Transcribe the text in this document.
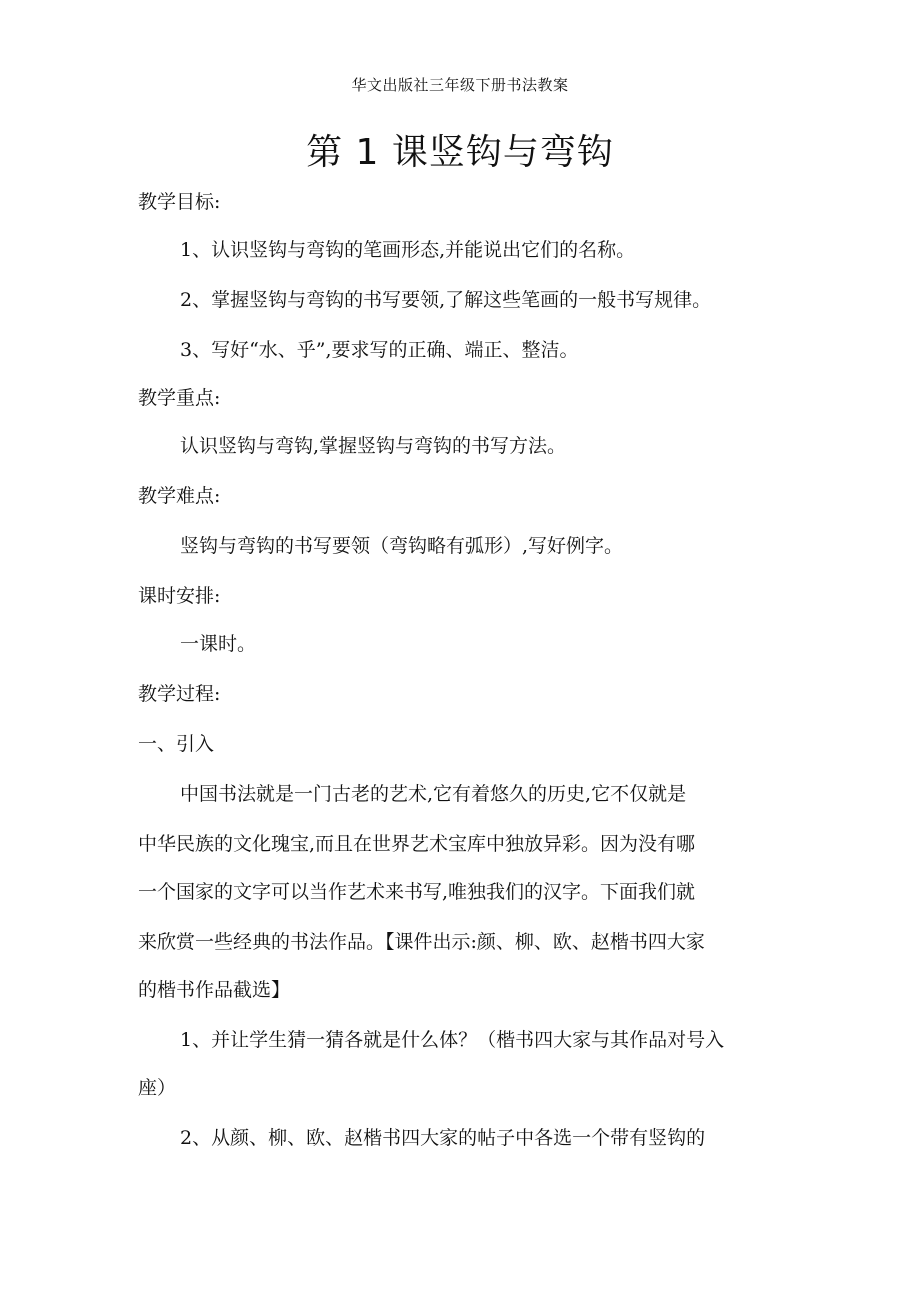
华文出版社三年级下册书法教案
第 1 课竖钩与弯钩
教学目标:
1、认识竖钩与弯钩的笔画形态,并能说出它们的名称。
2、掌握竖钩与弯钩的书写要领,了解这些笔画的一般书写规律。
3、写好“水、乎”,要求写的正确、端正、整洁。
教学重点:
认识竖钩与弯钩,掌握竖钩与弯钩的书写方法。
教学难点:
竖钩与弯钩的书写要领（弯钩略有弧形）,写好例字。
课时安排:
一课时。
教学过程:
一、引入
中国书法就是一门古老的艺术,它有着悠久的历史,它不仅就是
中华民族的文化瑰宝,而且在世界艺术宝库中独放异彩。因为没有哪
一个国家的文字可以当作艺术来书写,唯独我们的汉字。下面我们就
来欣赏一些经典的书法作品。【课件出示:颜、柳、欧、赵楷书四大家
的楷书作品截选】
1、并让学生猜一猜各就是什么体？（楷书四大家与其作品对号入
座）
2、从颜、柳、欧、赵楷书四大家的帖子中各选一个带有竖钩的
